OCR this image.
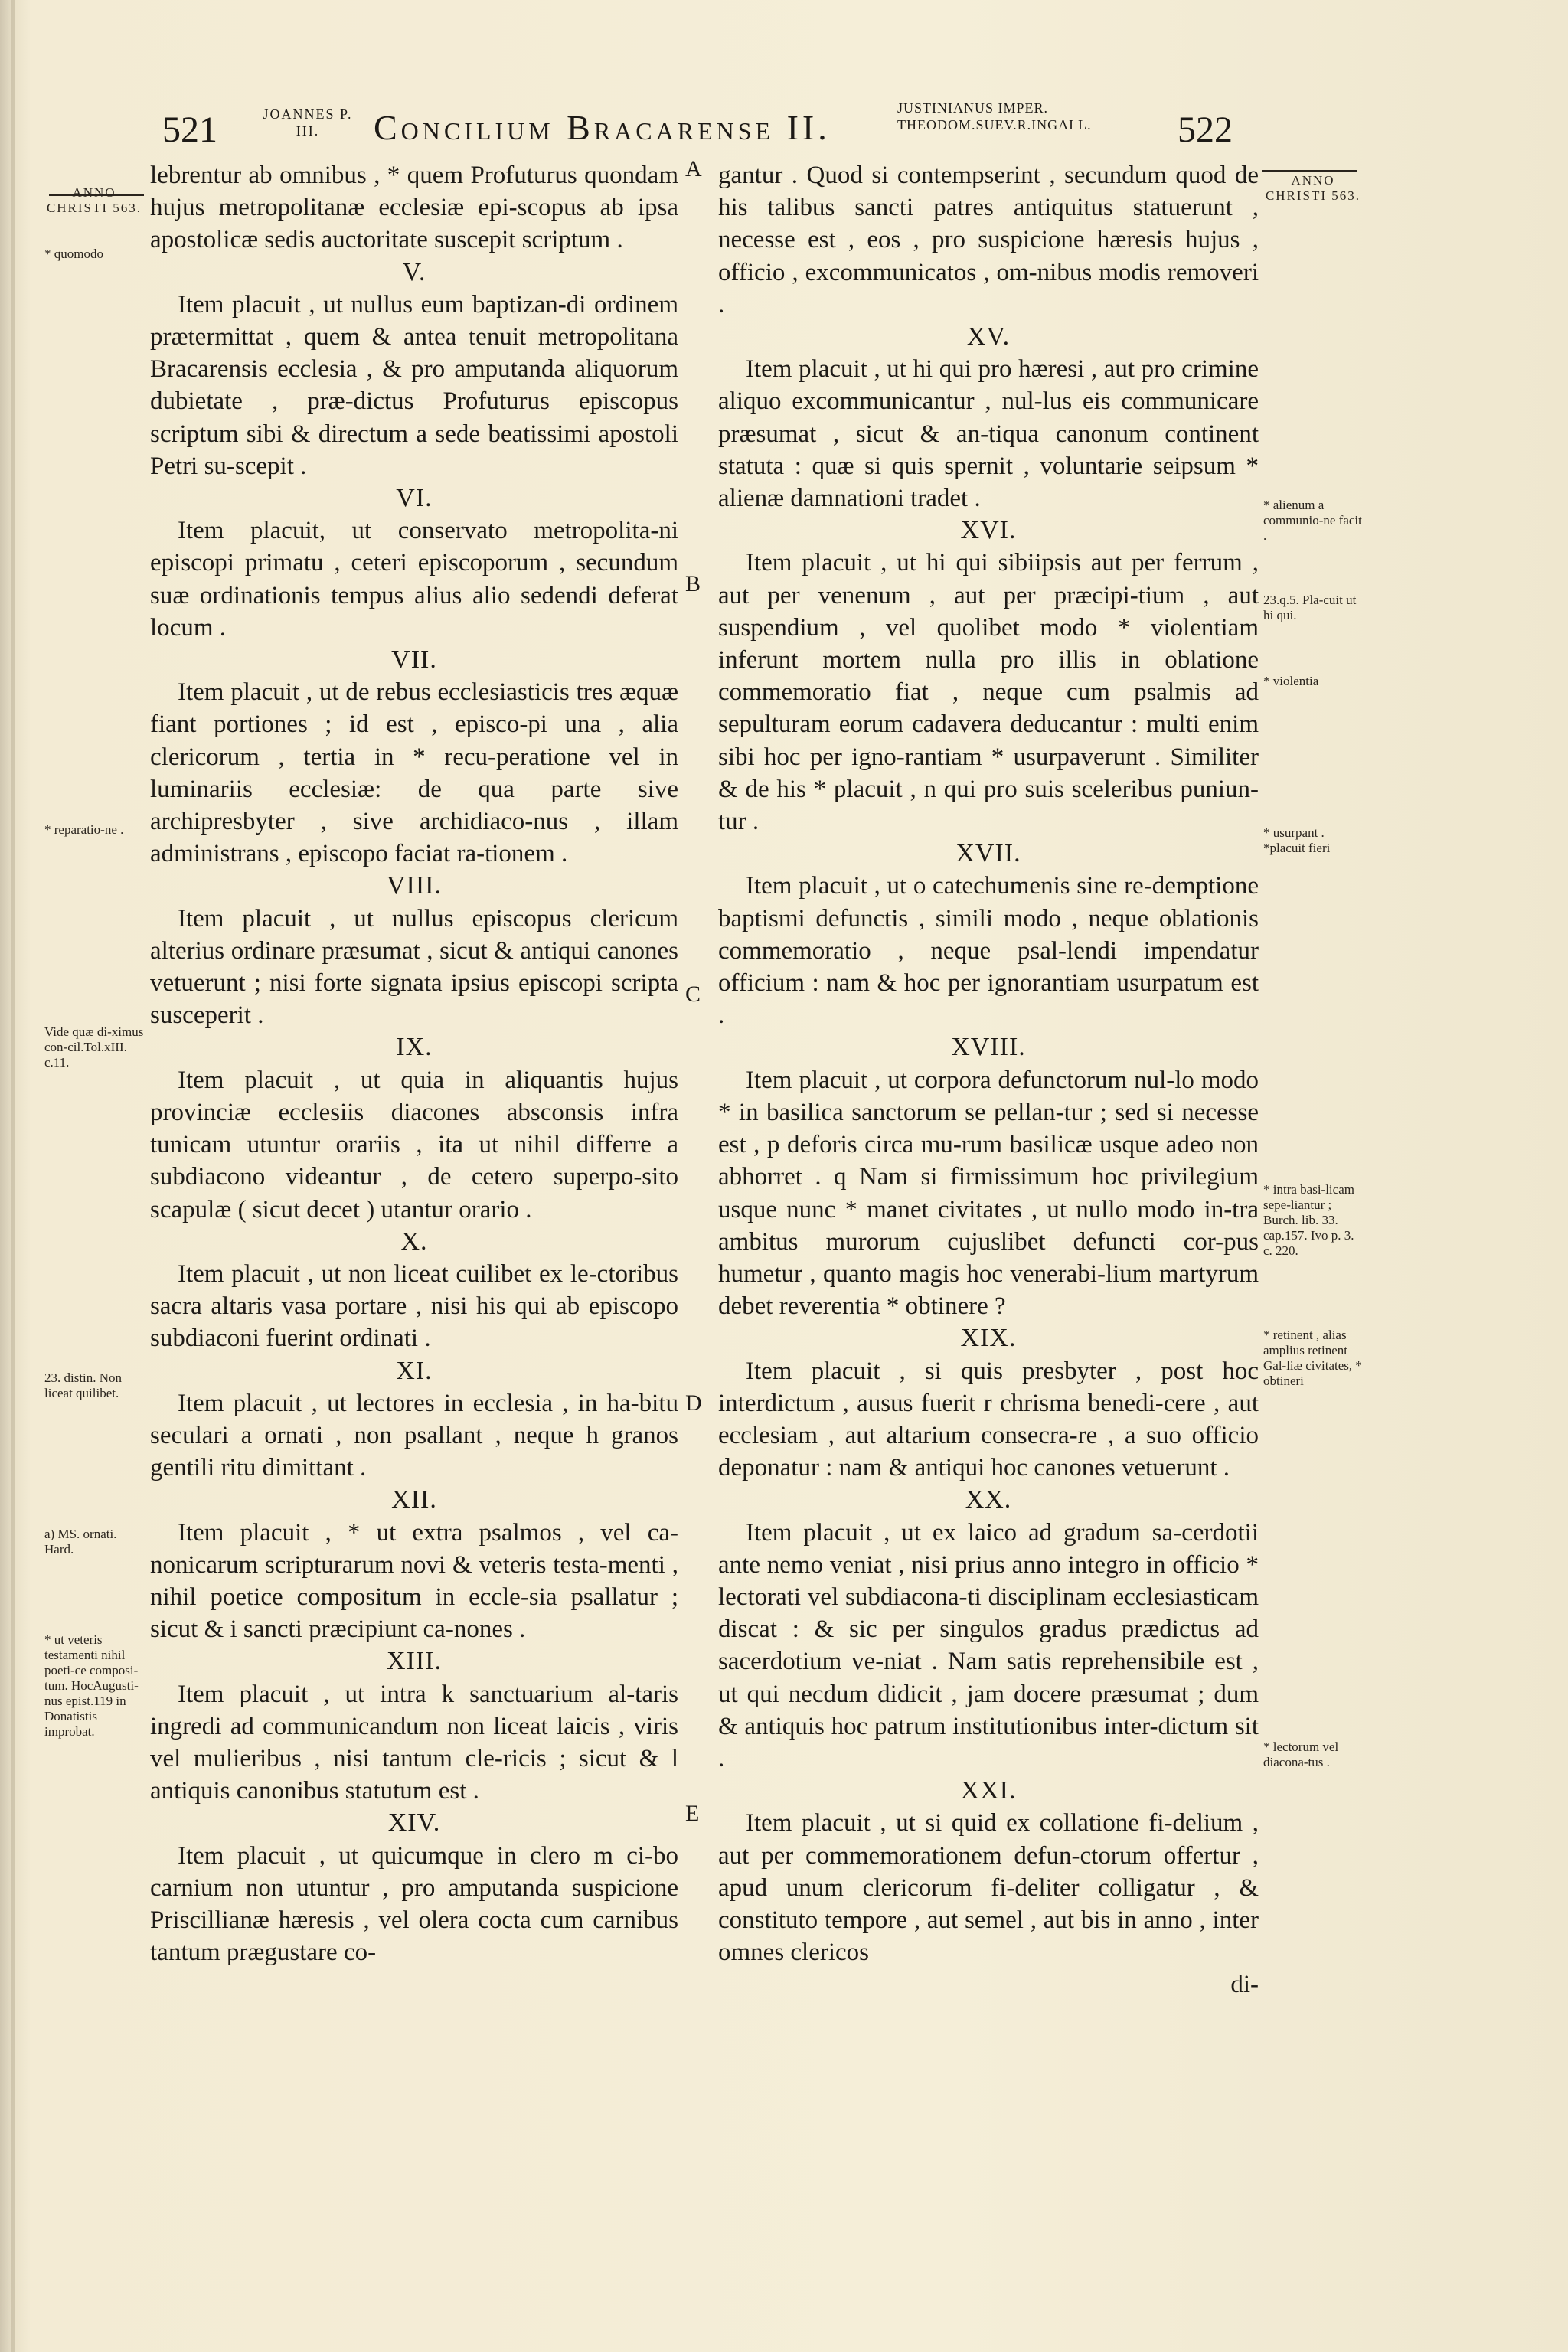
521	JOANNES P. III.	Concilium Bracarense II.	JUSTINIANUS IMPER. THEODOM.SUEV.R.INGALL.	522
ANNO CHRISTI 563.
* quomodo
* reparatio-ne .
Vide quæ di-ximus con-cil.Tol.xIII. c.11.
23. distin. Non liceat quilibet.
a) MS. ornati. Hard.
* ut veteris testamenti nihil poeti-ce composi-tum. HocAugusti-nus epist.119 in Donatistis improbat.
ANNO CHRISTI 563.
* alienum a communio-ne facit .
23.q.5. Pla-cuit ut hi qui.
* violentia
* usurpant . *placuit fieri
* intra basi-licam sepe-liantur ; Burch. lib. 33. cap.157. Ivo p. 3. c. 220.
* retinent , alias amplius retinent Gal-liæ civitates, * obtineri
* lectorum vel diacona-tus .
A
B
C
D
E

lebrentur ab omnibus , * quem Profuturus quondam hujus metropolitanæ ecclesiæ epi-scopus ab ipsa apostolicæ sedis auctoritate suscepit scriptum .

V.

Item placuit , ut nullus eum baptizan-di ordinem prætermittat , quem & antea tenuit metropolitana Bracarensis ecclesia , & pro amputanda aliquorum dubietate , præ-dictus Profuturus episcopus scriptum sibi & directum a sede beatissimi apostoli Petri su-scepit .

VI.

Item placuit, ut conservato metropolita-ni episcopi primatu , ceteri episcoporum , secundum suæ ordinationis tempus alius alio sedendi deferat locum .

VII.

Item placuit , ut de rebus ecclesiasticis tres æquæ fiant portiones ; id est , episco-pi una , alia clericorum , tertia in * recu-peratione vel in luminariis ecclesiæ: de qua parte sive archipresbyter , sive archidiaco-nus , illam administrans , episcopo faciat ra-tionem .

VIII.

Item placuit , ut nullus episcopus clericum alterius ordinare præsumat , sicut & antiqui canones vetuerunt ; nisi forte signata ipsius episcopi scripta susceperit .

IX.

Item placuit , ut quia in aliquantis hujus provinciæ ecclesiis diacones absconsis infra tunicam utuntur orariis , ita ut nihil differre a subdiacono videantur , de cetero superpo-sito scapulæ ( sicut decet ) utantur orario .

X.

Item placuit , ut non liceat cuilibet ex le-ctoribus sacra altaris vasa portare , nisi his qui ab episcopo subdiaconi fuerint ordinati .

XI.

Item placuit , ut lectores in ecclesia , in ha-bitu seculari a ornati , non psallant , neque h granos gentili ritu dimittant .

XII.

Item placuit , * ut extra psalmos , vel ca-nonicarum scripturarum novi & veteris testa-menti , nihil poetice compositum in eccle-sia psallatur ; sicut & i sancti præcipiunt ca-nones .

XIII.

Item placuit , ut intra k sanctuarium al-taris ingredi ad communicandum non liceat laicis , viris vel mulieribus , nisi tantum cle-ricis ; sicut & l antiquis canonibus statutum est .

XIV.

Item placuit , ut quicumque in clero m ci-bo carnium non utuntur , pro amputanda suspicione Priscillianæ hæresis , vel olera cocta cum carnibus tantum prægustare co-

gantur . Quod si contempserint , secundum quod de his talibus sancti patres antiquitus statuerunt , necesse est , eos , pro suspicione hæresis hujus , officio , excommunicatos , om-nibus modis removeri .

XV.

Item placuit , ut hi qui pro hæresi , aut pro crimine aliquo excommunicantur , nul-lus eis communicare præsumat , sicut & an-tiqua canonum continent statuta : quæ si quis spernit , voluntarie seipsum * alienæ damnationi tradet .

XVI.

Item placuit , ut hi qui sibiipsis aut per ferrum , aut per venenum , aut per præcipi-tium , aut suspendium , vel quolibet modo * violentiam inferunt mortem nulla pro illis in oblatione commemoratio fiat , neque cum psalmis ad sepulturam eorum cadavera deducantur : multi enim sibi hoc per igno-rantiam * usurpaverunt . Similiter & de his * placuit , n qui pro suis sceleribus puniun-tur .

XVII.

Item placuit , ut o catechumenis sine re-demptione baptismi defunctis , simili modo , neque oblationis commemoratio , neque psal-lendi impendatur officium : nam & hoc per ignorantiam usurpatum est .

XVIII.

Item placuit , ut corpora defunctorum nul-lo modo * in basilica sanctorum se pellan-tur ; sed si necesse est , p deforis circa mu-rum basilicæ usque adeo non abhorret . q Nam si firmissimum hoc privilegium usque nunc * manet civitates , ut nullo modo in-tra ambitus murorum cujuslibet defuncti cor-pus humetur , quanto magis hoc venerabi-lium martyrum debet reverentia * obtinere ?

XIX.

Item placuit , si quis presbyter , post hoc interdictum , ausus fuerit r chrisma benedi-cere , aut ecclesiam , aut altarium consecra-re , a suo officio deponatur : nam & antiqui hoc canones vetuerunt .

XX.

Item placuit , ut ex laico ad gradum sa-cerdotii ante nemo veniat , nisi prius anno integro in officio * lectorati vel subdiacona-ti disciplinam ecclesiasticam discat : & sic per singulos gradus prædictus ad sacerdotium ve-niat . Nam satis reprehensibile est , ut qui necdum didicit , jam docere præsumat ; dum & antiquis hoc patrum institutionibus inter-dictum sit .

XXI.

Item placuit , ut si quid ex collatione fi-delium , aut per commemorationem defun-ctorum offertur , apud unum clericorum fi-deliter colligatur , & constituto tempore , aut semel , aut bis in anno , inter omnes clericos

di-
